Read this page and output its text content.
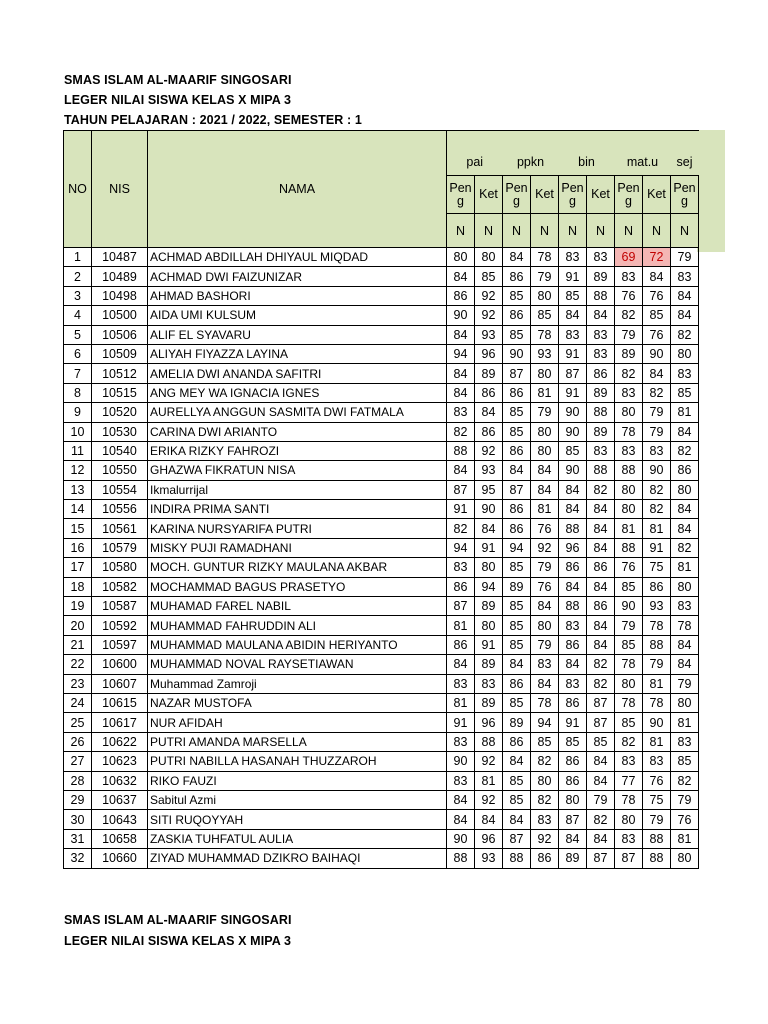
SMAS ISLAM AL-MAARIF SINGOSARI
LEGER NILAI SISWA KELAS X MIPA 3
TAHUN PELAJARAN : 2021 / 2022, SEMESTER : 1
NO	NIS	NAMA									
			pai		ppkn		bin		mat.u		sej
			Pen g	Ket	Pen g	Ket	Pen g	Ket	Pen g	Ket	Pen g
			N	N	N	N	N	N	N	N	N
1	10487	ACHMAD ABDILLAH DHIYAUL MIQDAD	80	80	84	78	83	83	69	72	79
2	10489	ACHMAD DWI FAIZUNIZAR	84	85	86	79	91	89	83	84	83
3	10498	AHMAD BASHORI	86	92	85	80	85	88	76	76	84
4	10500	AIDA UMI KULSUM	90	92	86	85	84	84	82	85	84
5	10506	ALIF EL SYAVARU	84	93	85	78	83	83	79	76	82
6	10509	ALIYAH FIYAZZA LAYINA	94	96	90	93	91	83	89	90	80
7	10512	AMELIA DWI ANANDA SAFITRI	84	89	87	80	87	86	82	84	83
8	10515	ANG MEY WA IGNACIA IGNES	84	86	86	81	91	89	83	82	85
9	10520	AURELLYA ANGGUN SASMITA DWI FATMALA	83	84	85	79	90	88	80	79	81
10	10530	CARINA DWI ARIANTO	82	86	85	80	90	89	78	79	84
11	10540	ERIKA RIZKY FAHROZI	88	92	86	80	85	83	83	83	82
12	10550	GHAZWA FIKRATUN NISA	84	93	84	84	90	88	88	90	86
13	10554	Ikmalurrijal	87	95	87	84	84	82	80	82	80
14	10556	INDIRA PRIMA SANTI	91	90	86	81	84	84	80	82	84
15	10561	KARINA NURSYARIFA PUTRI	82	84	86	76	88	84	81	81	84
16	10579	MISKY PUJI RAMADHANI	94	91	94	92	96	84	88	91	82
17	10580	MOCH. GUNTUR RIZKY MAULANA AKBAR	83	80	85	79	86	86	76	75	81
18	10582	MOCHAMMAD BAGUS PRASETYO	86	94	89	76	84	84	85	86	80
19	10587	MUHAMAD FAREL NABIL	87	89	85	84	88	86	90	93	83
20	10592	MUHAMMAD FAHRUDDIN ALI	81	80	85	80	83	84	79	78	78
21	10597	MUHAMMAD MAULANA ABIDIN HERIYANTO	86	91	85	79	86	84	85	88	84
22	10600	MUHAMMAD NOVAL RAYSETIAWAN	84	89	84	83	84	82	78	79	84
23	10607	Muhammad Zamroji	83	83	86	84	83	82	80	81	79
24	10615	NAZAR MUSTOFA	81	89	85	78	86	87	78	78	80
25	10617	NUR AFIDAH	91	96	89	94	91	87	85	90	81
26	10622	PUTRI AMANDA MARSELLA	83	88	86	85	85	85	82	81	83
27	10623	PUTRI NABILLA HASANAH THUZZAROH	90	92	84	82	86	84	83	83	85
28	10632	RIKO FAUZI	83	81	85	80	86	84	77	76	82
29	10637	Sabitul Azmi	84	92	85	82	80	79	78	75	79
30	10643	SITI RUQOYYAH	84	84	84	83	87	82	80	79	76
31	10658	ZASKIA TUHFATUL AULIA	90	96	87	92	84	84	83	88	81
32	10660	ZIYAD MUHAMMAD DZIKRO BAIHAQI	88	93	88	86	89	87	87	88	80
SMAS ISLAM AL-MAARIF SINGOSARI
LEGER NILAI SISWA KELAS X MIPA 3
